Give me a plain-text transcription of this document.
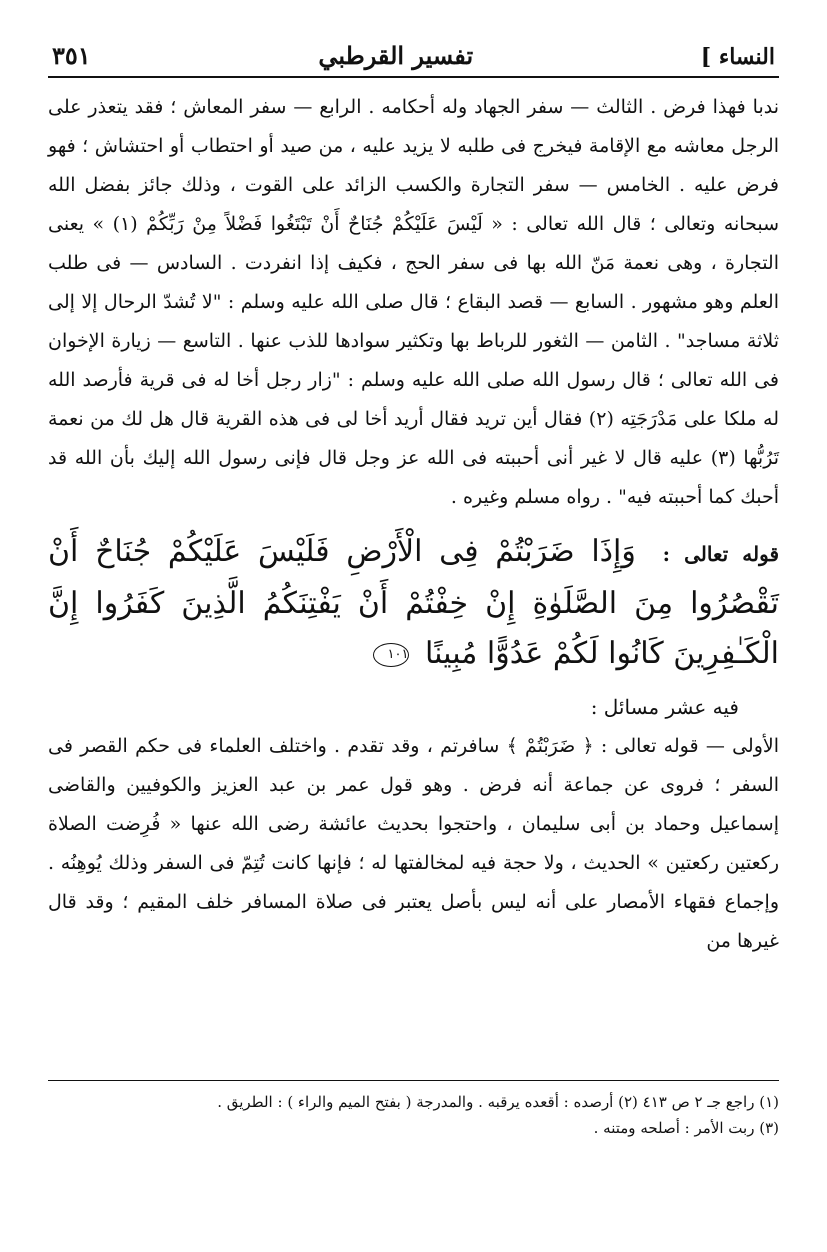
النساء ]
تفسير القرطبي
٣٥١

ندبا فهذا فرض . الثالث — سفر الجهاد وله أحكامه . الرابع — سفر المعاش ؛ فقد يتعذر على الرجل معاشه مع الإقامة فيخرج فى طلبه لا يزيد عليه ، من صيد أو احتطاب أو احتشاش ؛ فهو فرض عليه . الخامس — سفر التجارة والكسب الزائد على القوت ، وذلك جائز بفضل الله سبحانه وتعالى ؛ قال الله تعالى : « لَيْسَ عَلَيْكُمْ جُنَاحٌ أَنْ تَبْتَغُوا فَضْلاً مِنْ رَبِّكُمْ (١) » يعنى التجارة ، وهى نعمة مَنّ الله بها فى سفر الحج ، فكيف إذا انفردت . السادس — فى طلب العلم وهو مشهور . السابع — قصد البقاع ؛ قال صلى الله عليه وسلم : "لا تُشدّ الرحال إلا إلى ثلاثة مساجد" . الثامن — الثغور للرباط بها وتكثير سوادها للذب عنها . التاسع — زيارة الإخوان فى الله تعالى ؛ قال رسول الله صلى الله عليه وسلم : "زار رجل أخا له فى قرية فأرصد الله له ملكا على مَدْرَجَتِه (٢) فقال أين تريد فقال أريد أخا لى فى هذه القرية قال هل لك من نعمة تَرُبُّها (٣) عليه قال لا غير أنى أحببته فى الله عز وجل قال فإنى رسول الله إليك بأن الله قد أحبك كما أحببته فيه" . رواه مسلم وغيره .

قوله تعالى : وَإِذَا ضَرَبْتُمْ فِى الْأَرْضِ فَلَيْسَ عَلَيْكُمْ جُنَاحٌ أَنْ تَقْصُرُوا مِنَ الصَّلَوٰةِ إِنْ خِفْتُمْ أَنْ يَفْتِنَكُمُ الَّذِينَ كَفَرُوا إِنَّ الْكَـٰفِرِينَ كَانُوا لَكُمْ عَدُوًّا مُبِينًا ١٠١

فيه عشر مسائل :

الأولى — قوله تعالى : ﴿ ضَرَبْتُمْ ﴾ سافرتم ، وقد تقدم . واختلف العلماء فى حكم القصر فى السفر ؛ فروى عن جماعة أنه فرض . وهو قول عمر بن عبد العزيز والكوفيين والقاضى إسماعيل وحماد بن أبى سليمان ، واحتجوا بحديث عائشة رضى الله عنها « فُرِضت الصلاة ركعتين ركعتين » الحديث ، ولا حجة فيه لمخالفتها له ؛ فإنها كانت تُتِمّ فى السفر وذلك يُوهِنُه . وإجماع فقهاء الأمصار على أنه ليس بأصل يعتبر فى صلاة المسافر خلف المقيم ؛ وقد قال غيرها من

(١) راجع جـ ٢ ص ٤١٣ (٢) أرصده : أقعده يرقبه . والمدرجة ( بفتح الميم والراء ) : الطريق .

(٣) ربت الأمر : أصلحه ومتنه .
